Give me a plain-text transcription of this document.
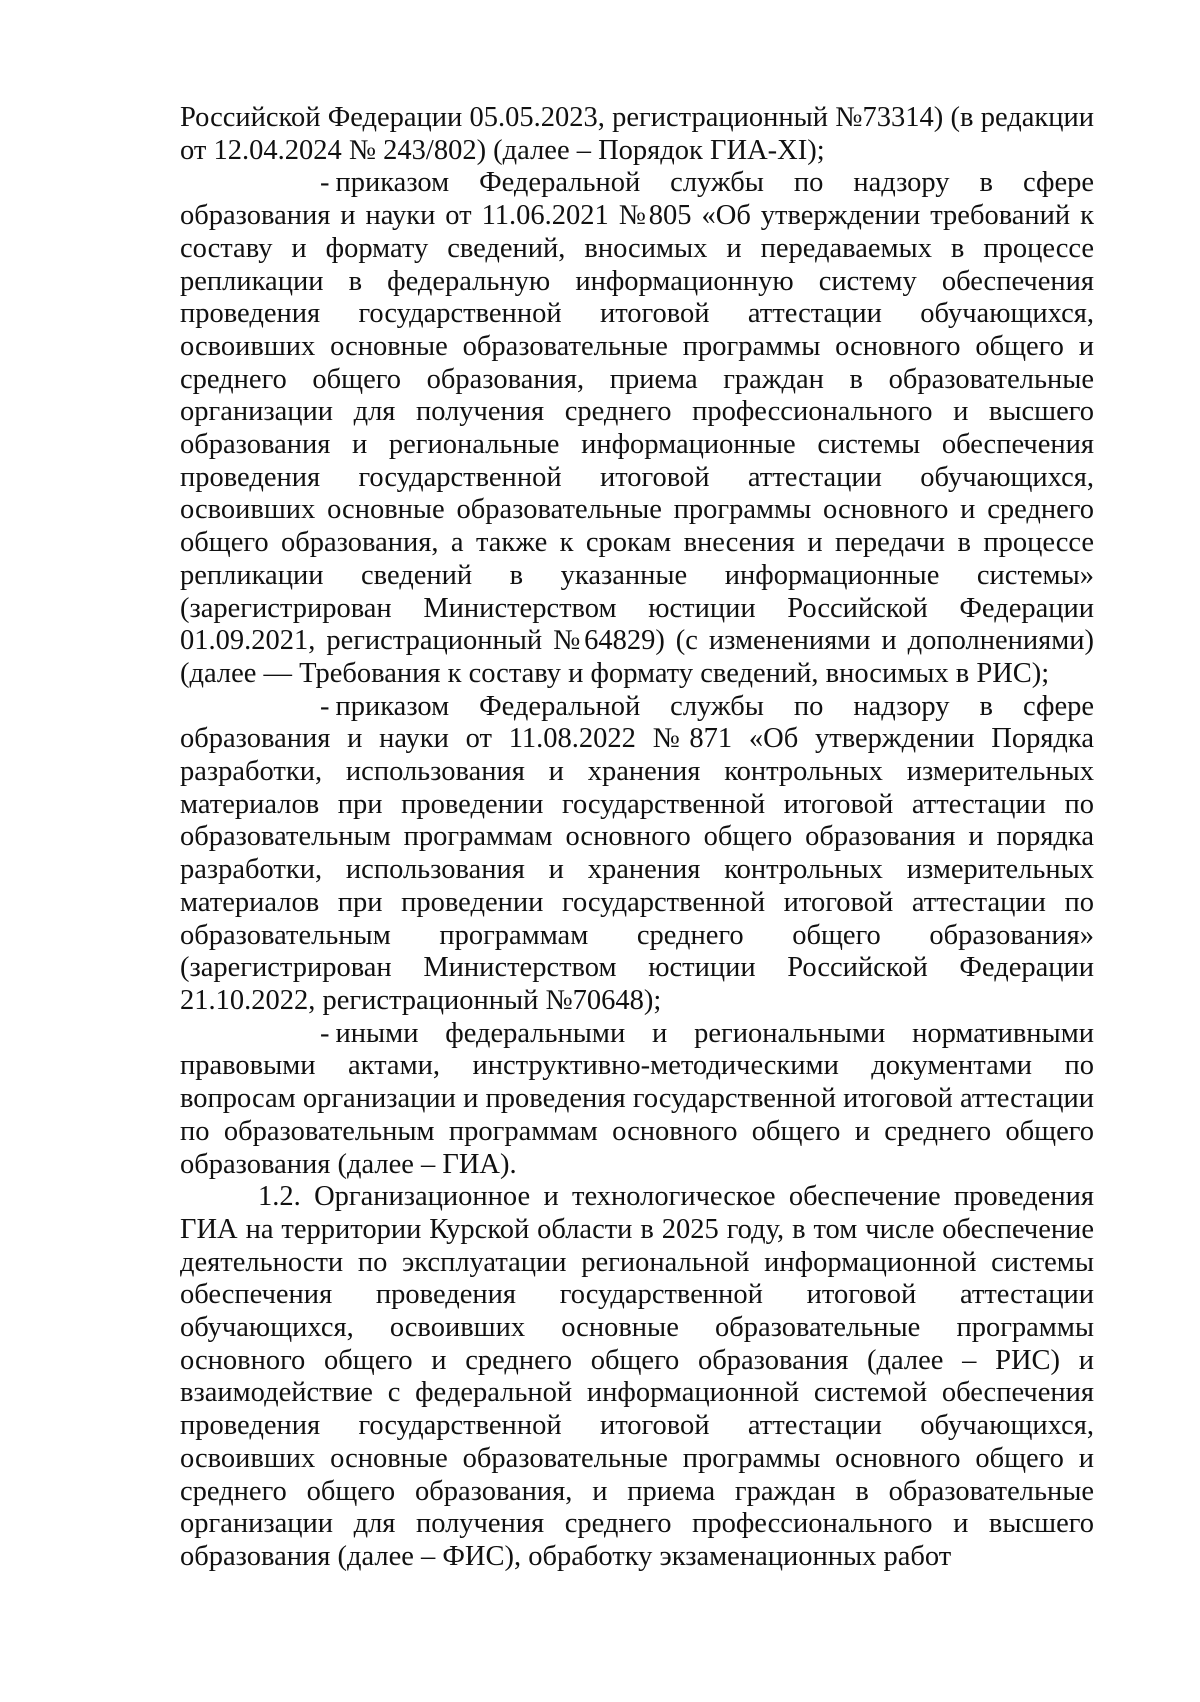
Российской Федерации 05.05.2023, регистрационный №73314) (в редакции от 12.04.2024 № 243/802) (далее – Порядок ГИА-XI);

- приказом Федеральной службы по надзору в сфере образования и науки от 11.06.2021 №805 «Об утверждении требований к составу и формату сведений, вносимых и передаваемых в процессе репликации в федеральную информационную систему обеспечения проведения государственной итоговой аттестации обучающихся, освоивших основные образовательные программы основного общего и среднего общего образования, приема граждан в образовательные организации для получения среднего профессионального и высшего образования и региональные информационные системы обеспечения проведения государственной итоговой аттестации обучающихся, освоивших основные образовательные программы основного и среднего общего образования, а также к срокам внесения и передачи в процессе репликации сведений в указанные информационные системы» (зарегистрирован Министерством юстиции Российской Федерации 01.09.2021, регистрационный №64829) (с изменениями и дополнениями) (далее — Требования к составу и формату сведений, вносимых в РИС);

- приказом Федеральной службы по надзору в сфере образования и науки от 11.08.2022 №871 «Об утверждении Порядка разработки, использования и хранения контрольных измерительных материалов при проведении государственной итоговой аттестации по образовательным программам основного общего образования и порядка разработки, использования и хранения контрольных измерительных материалов при проведении государственной итоговой аттестации по образовательным программам среднего общего образования» (зарегистрирован Министерством юстиции Российской Федерации 21.10.2022, регистрационный №70648);

- иными федеральными и региональными нормативными правовыми актами, инструктивно-методическими документами по вопросам организации и проведения государственной итоговой аттестации по образовательным программам основного общего и среднего общего образования (далее – ГИА).

1.2. Организационное и технологическое обеспечение проведения ГИА на территории Курской области в 2025 году, в том числе обеспечение деятельности по эксплуатации региональной информационной системы обеспечения проведения государственной итоговой аттестации обучающихся, освоивших основные образовательные программы основного общего и среднего общего образования (далее – РИС) и взаимодействие с федеральной информационной системой обеспечения проведения государственной итоговой аттестации обучающихся, освоивших основные образовательные программы основного общего и среднего общего образования, и приема граждан в образовательные организации для получения среднего профессионального и высшего образования (далее – ФИС), обработку экзаменационных работ
